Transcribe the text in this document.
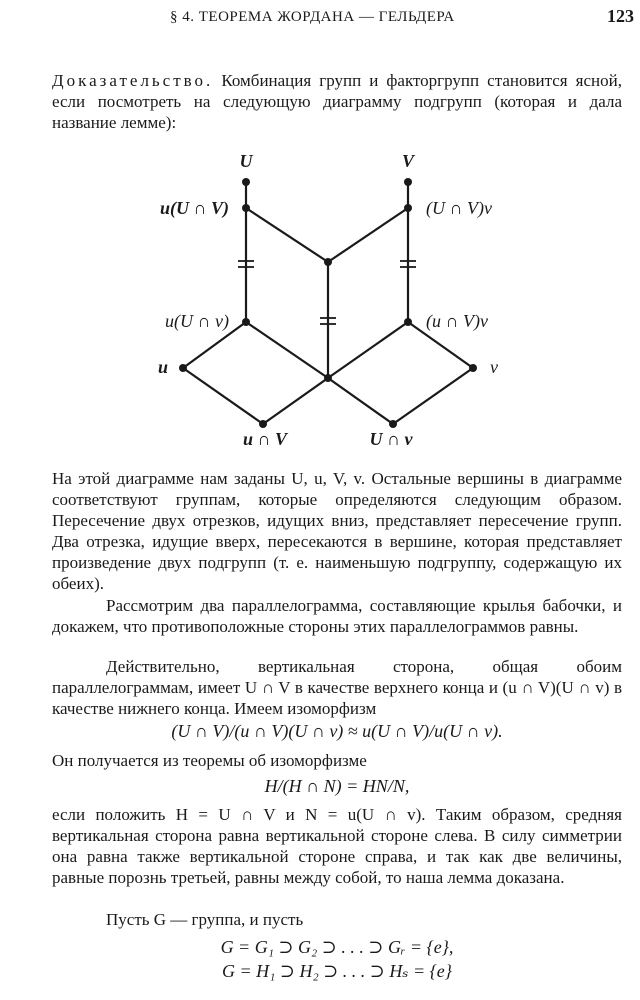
§ 4. ТЕОРЕМА ЖОРДАНА — ГЕЛЬДЕРА	123
Доказательство. Комбинация групп и факторгрупп становится ясной, если посмотреть на следующую диаграмму подгрупп (которая и дала название лемме):
U	V
u(U ∩ V)	(U ∩ V)v
u(U ∩ v)	(u ∩ V)v
u	v
u ∩ V	U ∩ v
На этой диаграмме нам заданы U, u, V, v. Остальные вершины в диаграмме соответствуют группам, которые определяются следующим образом. Пересечение двух отрезков, идущих вниз, представляет пересечение групп. Два отрезка, идущие вверх, пересекаются в вершине, которая представляет произведение двух подгрупп (т. е. наименьшую подгруппу, содержащую их обеих).
Рассмотрим два параллелограмма, составляющие крылья бабочки, и докажем, что противоположные стороны этих параллелограммов равны.
Действительно, вертикальная сторона, общая обоим параллелограммам, имеет U ∩ V в качестве верхнего конца и (u ∩ V)(U ∩ v) в качестве нижнего конца. Имеем изоморфизм
(U ∩ V)/(u ∩ V)(U ∩ v) ≈ u(U ∩ V)/u(U ∩ v).
Он получается из теоремы об изоморфизме
H/(H ∩ N) = HN/N,
если положить H = U ∩ V и N = u(U ∩ v). Таким образом, средняя вертикальная сторона равна вертикальной стороне слева. В силу симметрии она равна также вертикальной стороне справа, и так как две величины, равные порознь третьей, равны между собой, то наша лемма доказана.
Пусть G — группа, и пусть
G = G₁ ⊃ G₂ ⊃ . . . ⊃ Gᵣ = {e},
G = H₁ ⊃ H₂ ⊃ . . . ⊃ Hₛ = {e}
